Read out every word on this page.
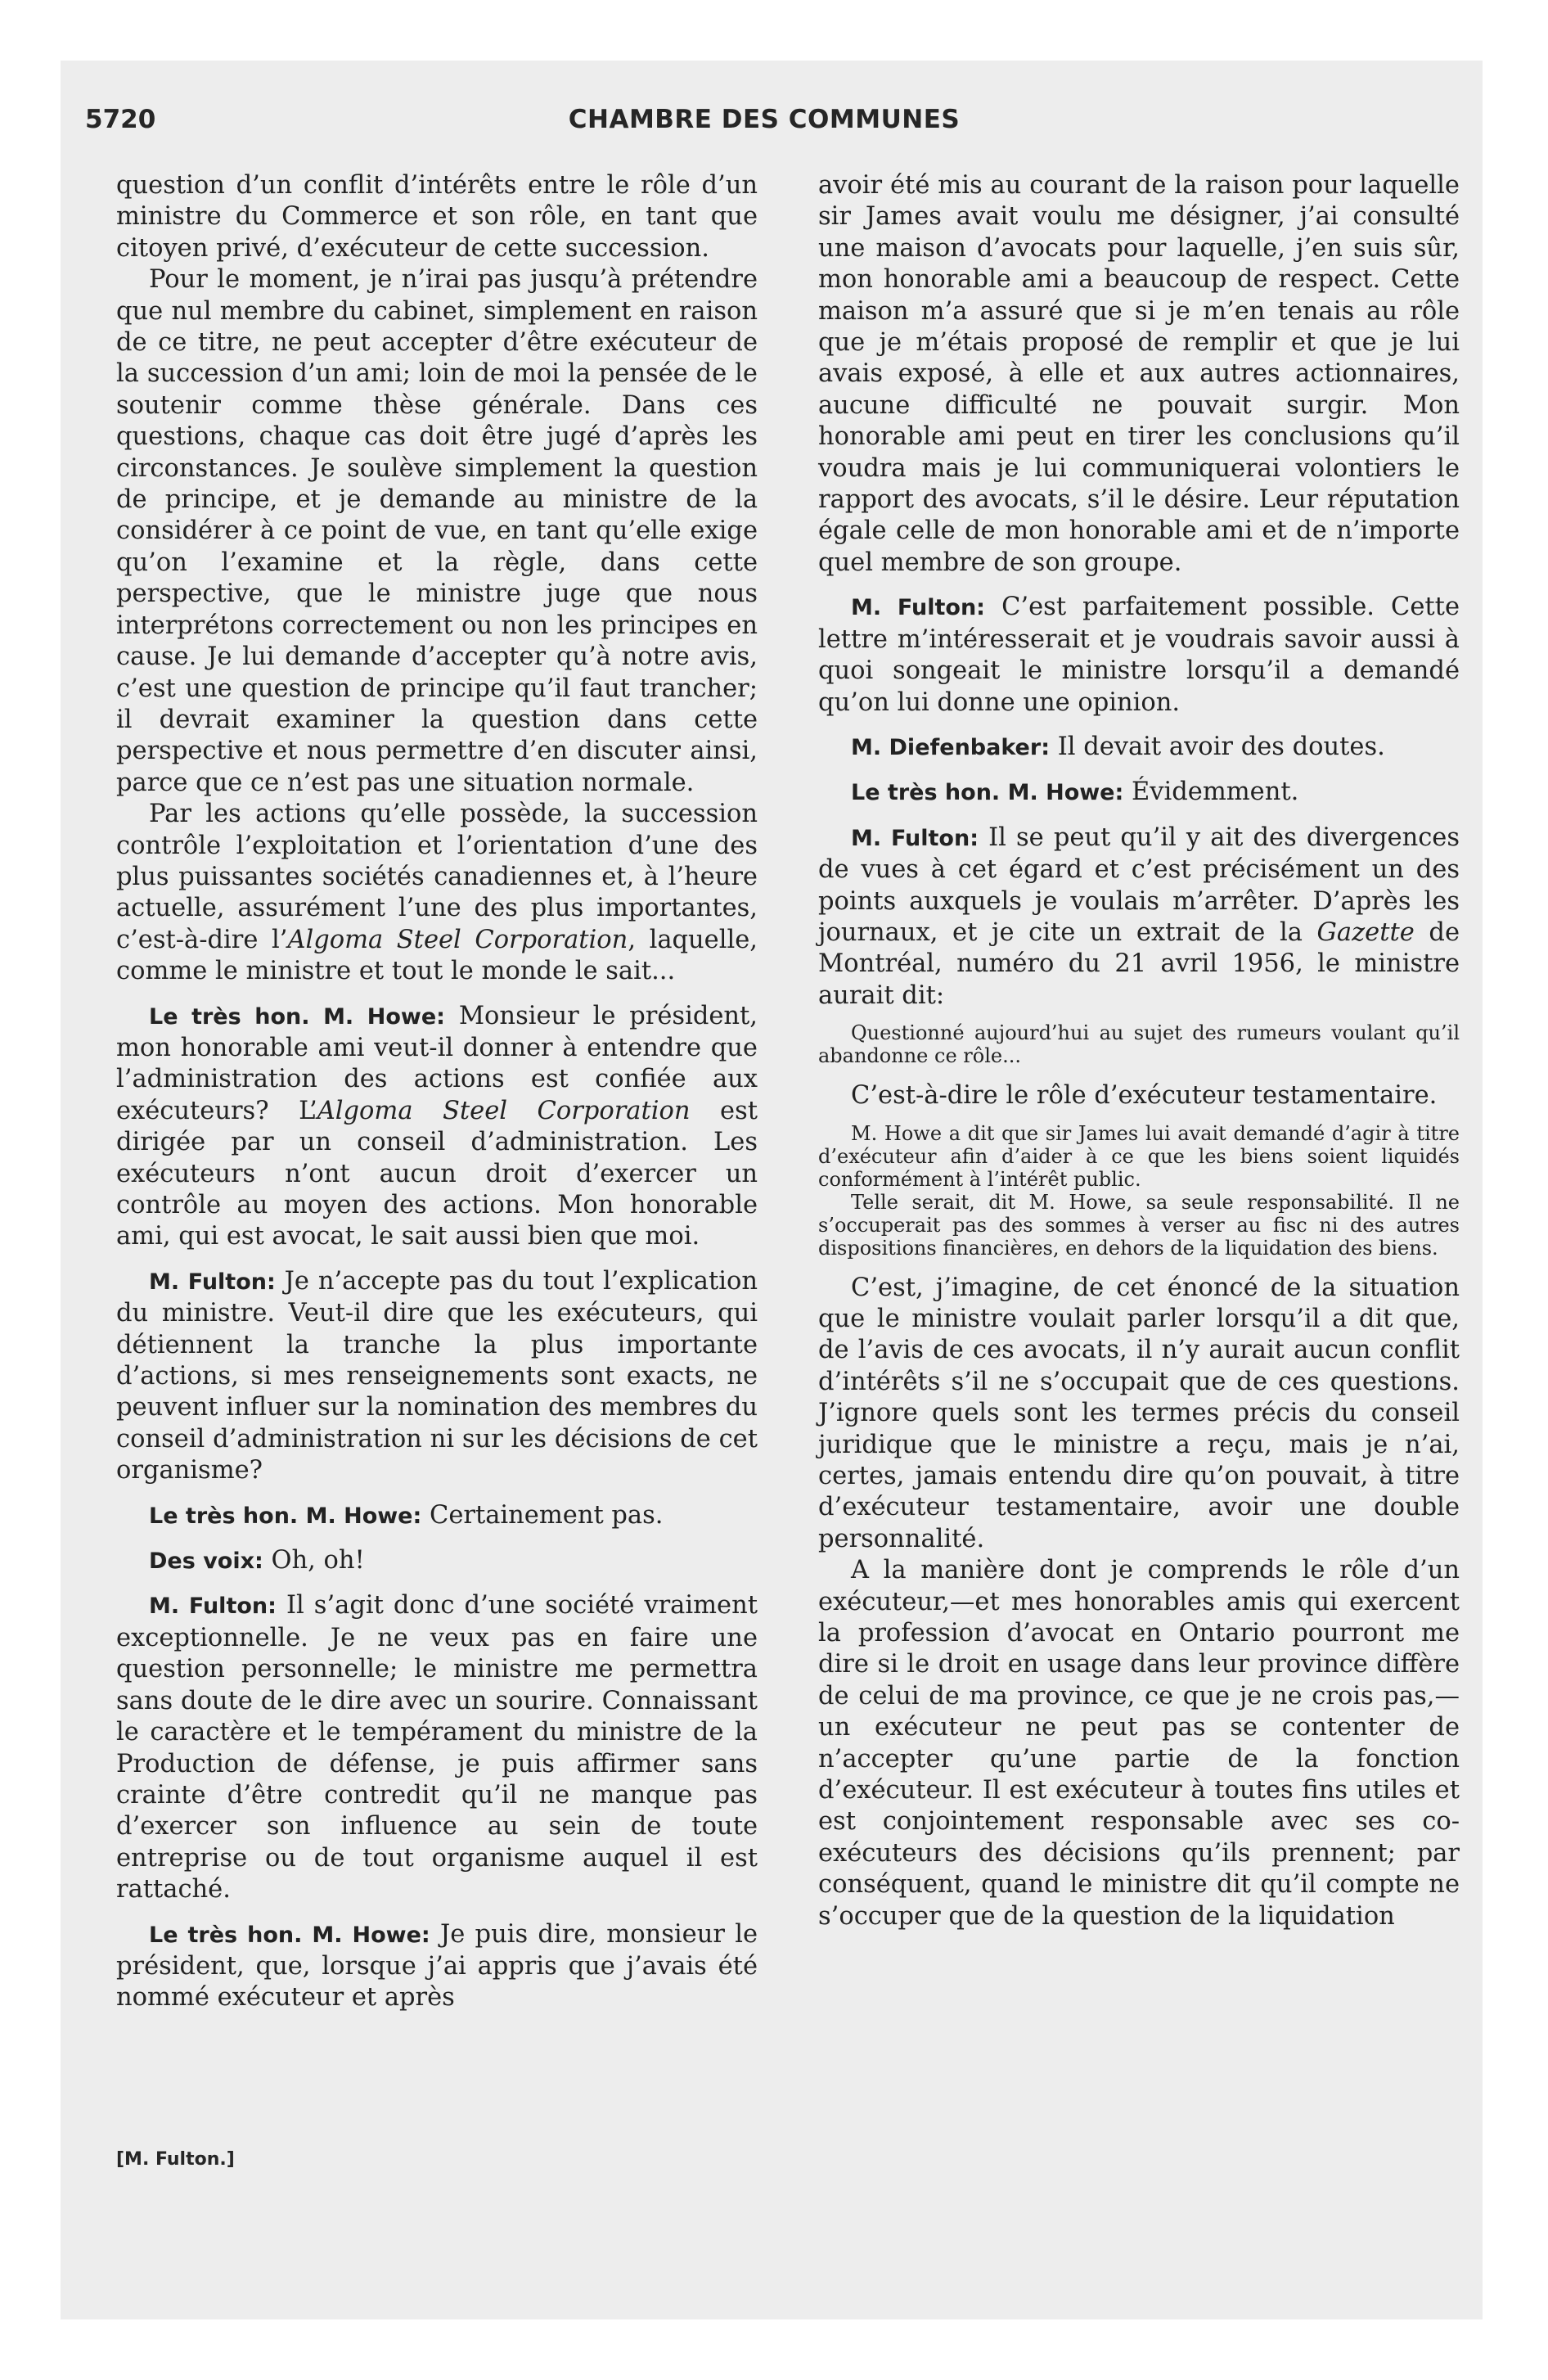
5720	CHAMBRE DES COMMUNES

question d’un conflit d’intérêts entre le rôle d’un ministre du Commerce et son rôle, en tant que citoyen privé, d’exécuteur de cette succession.

Pour le moment, je n’irai pas jusqu’à prétendre que nul membre du cabinet, simplement en raison de ce titre, ne peut accepter d’être exécuteur de la succession d’un ami; loin de moi la pensée de le soutenir comme thèse générale. Dans ces questions, chaque cas doit être jugé d’après les circonstances. Je soulève simplement la question de principe, et je demande au ministre de la considérer à ce point de vue, en tant qu’elle exige qu’on l’examine et la règle, dans cette perspective, que le ministre juge que nous interprétons correctement ou non les principes en cause. Je lui demande d’accepter qu’à notre avis, c’est une question de principe qu’il faut trancher; il devrait examiner la question dans cette perspective et nous permettre d’en discuter ainsi, parce que ce n’est pas une situation normale.

Par les actions qu’elle possède, la succession contrôle l’exploitation et l’orientation d’une des plus puissantes sociétés canadiennes et, à l’heure actuelle, assurément l’une des plus importantes, c’est-à-dire l’Algoma Steel Corporation, laquelle, comme le ministre et tout le monde le sait...

Le très hon. M. Howe: Monsieur le président, mon honorable ami veut-il donner à entendre que l’administration des actions est confiée aux exécuteurs? L’Algoma Steel Corporation est dirigée par un conseil d’administration. Les exécuteurs n’ont aucun droit d’exercer un contrôle au moyen des actions. Mon honorable ami, qui est avocat, le sait aussi bien que moi.

M. Fulton: Je n’accepte pas du tout l’explication du ministre. Veut-il dire que les exécuteurs, qui détiennent la tranche la plus importante d’actions, si mes renseignements sont exacts, ne peuvent influer sur la nomination des membres du conseil d’administration ni sur les décisions de cet organisme?

Le très hon. M. Howe: Certainement pas.

Des voix: Oh, oh!

M. Fulton: Il s’agit donc d’une société vraiment exceptionnelle. Je ne veux pas en faire une question personnelle; le ministre me permettra sans doute de le dire avec un sourire. Connaissant le caractère et le tempérament du ministre de la Production de défense, je puis affirmer sans crainte d’être contredit qu’il ne manque pas d’exercer son influence au sein de toute entreprise ou de tout organisme auquel il est rattaché.

Le très hon. M. Howe: Je puis dire, monsieur le président, que, lorsque j’ai appris que j’avais été nommé exécuteur et après

[M. Fulton.]

avoir été mis au courant de la raison pour laquelle sir James avait voulu me désigner, j’ai consulté une maison d’avocats pour laquelle, j’en suis sûr, mon honorable ami a beaucoup de respect. Cette maison m’a assuré que si je m’en tenais au rôle que je m’étais proposé de remplir et que je lui avais exposé, à elle et aux autres actionnaires, aucune difficulté ne pouvait surgir. Mon honorable ami peut en tirer les conclusions qu’il voudra mais je lui communiquerai volontiers le rapport des avocats, s’il le désire. Leur réputation égale celle de mon honorable ami et de n’importe quel membre de son groupe.

M. Fulton: C’est parfaitement possible. Cette lettre m’intéresserait et je voudrais savoir aussi à quoi songeait le ministre lorsqu’il a demandé qu’on lui donne une opinion.

M. Diefenbaker: Il devait avoir des doutes.

Le très hon. M. Howe: Évidemment.

M. Fulton: Il se peut qu’il y ait des divergences de vues à cet égard et c’est précisément un des points auxquels je voulais m’arrêter. D’après les journaux, et je cite un extrait de la Gazette de Montréal, numéro du 21 avril 1956, le ministre aurait dit:

Questionné aujourd’hui au sujet des rumeurs voulant qu’il abandonne ce rôle...

C’est-à-dire le rôle d’exécuteur testamentaire.

M. Howe a dit que sir James lui avait demandé d’agir à titre d’exécuteur afin d’aider à ce que les biens soient liquidés conformément à l’intérêt public.

Telle serait, dit M. Howe, sa seule responsabilité. Il ne s’occuperait pas des sommes à verser au fisc ni des autres dispositions financières, en dehors de la liquidation des biens.

C’est, j’imagine, de cet énoncé de la situation que le ministre voulait parler lorsqu’il a dit que, de l’avis de ces avocats, il n’y aurait aucun conflit d’intérêts s’il ne s’occupait que de ces questions. J’ignore quels sont les termes précis du conseil juridique que le ministre a reçu, mais je n’ai, certes, jamais entendu dire qu’on pouvait, à titre d’exécuteur testamentaire, avoir une double personnalité.

A la manière dont je comprends le rôle d’un exécuteur,—et mes honorables amis qui exercent la profession d’avocat en Ontario pourront me dire si le droit en usage dans leur province diffère de celui de ma province, ce que je ne crois pas,—un exécuteur ne peut pas se contenter de n’accepter qu’une partie de la fonction d’exécuteur. Il est exécuteur à toutes fins utiles et est conjointement responsable avec ses co-exécuteurs des décisions qu’ils prennent; par conséquent, quand le ministre dit qu’il compte ne s’occuper que de la question de la liquidation
